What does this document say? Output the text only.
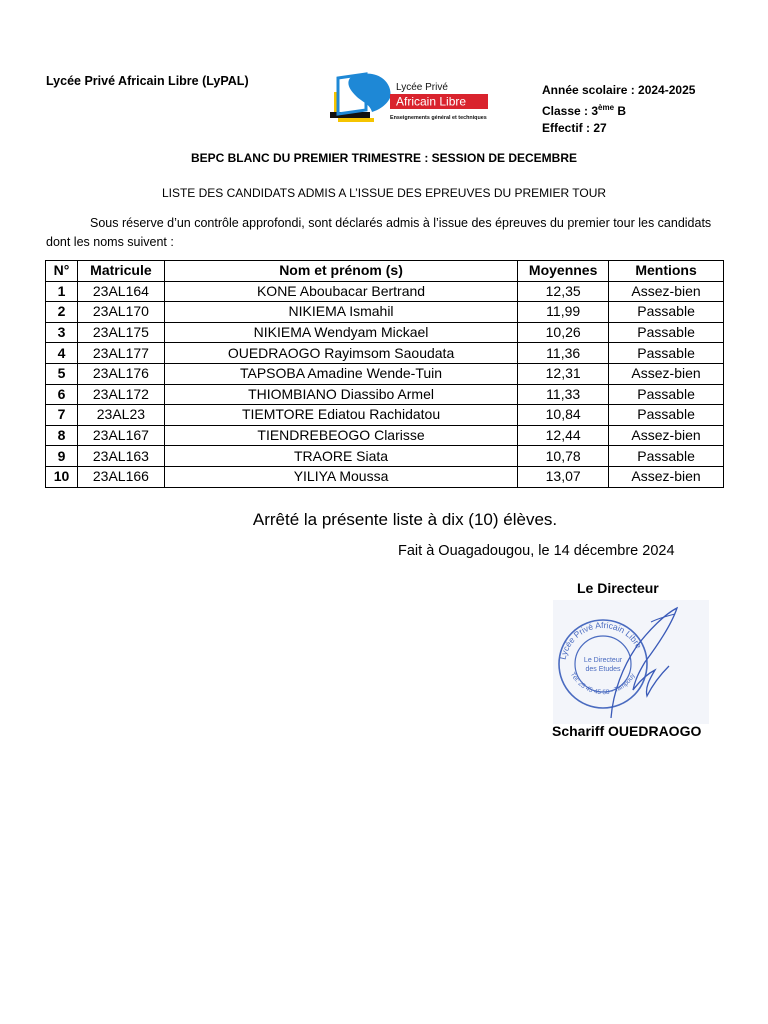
Lycée Privé Africain Libre (LyPAL)	Lycée Privé
Africain Libre
Enseignements général et techniques
Année scolaire : 2024-2025
Classe : 3ème B
Effectif : 27
BEPC BLANC DU PREMIER TRIMESTRE : SESSION DE DECEMBRE
LISTE DES CANDIDATS ADMIS A L’ISSUE DES EPREUVES DU PREMIER TOUR
Sous réserve d’un contrôle approfondi, sont déclarés admis à l’issue des épreuves du premier tour les candidats dont les noms suivent :
N°	Matricule	Nom et prénom (s)	Moyennes	Mentions
1	23AL164	KONE Aboubacar Bertrand	12,35	Assez-bien
2	23AL170	NIKIEMA Ismahil	11,99	Passable
3	23AL175	NIKIEMA Wendyam Mickael	10,26	Passable
4	23AL177	OUEDRAOGO Rayimsom Saoudata	11,36	Passable
5	23AL176	TAPSOBA Amadine Wende-Tuin	12,31	Assez-bien
6	23AL172	THIOMBIANO Diassibo Armel	11,33	Passable
7	23AL23	TIEMTORE Ediatou Rachidatou	10,84	Passable
8	23AL167	TIENDREBEOGO Clarisse	12,44	Assez-bien
9	23AL163	TRAORE Siata	10,78	Passable
10	23AL166	YILIYA Moussa	13,07	Assez-bien
Arrêté la présente liste à dix (10) élèves.
Fait à Ouagadougou, le 14 décembre 2024
Le Directeur
Lycée Privé Africain Libre
Tél: 25 45 45 58 - Tampouy
Le Directeur
des Etudes
Schariff OUEDRAOGO
